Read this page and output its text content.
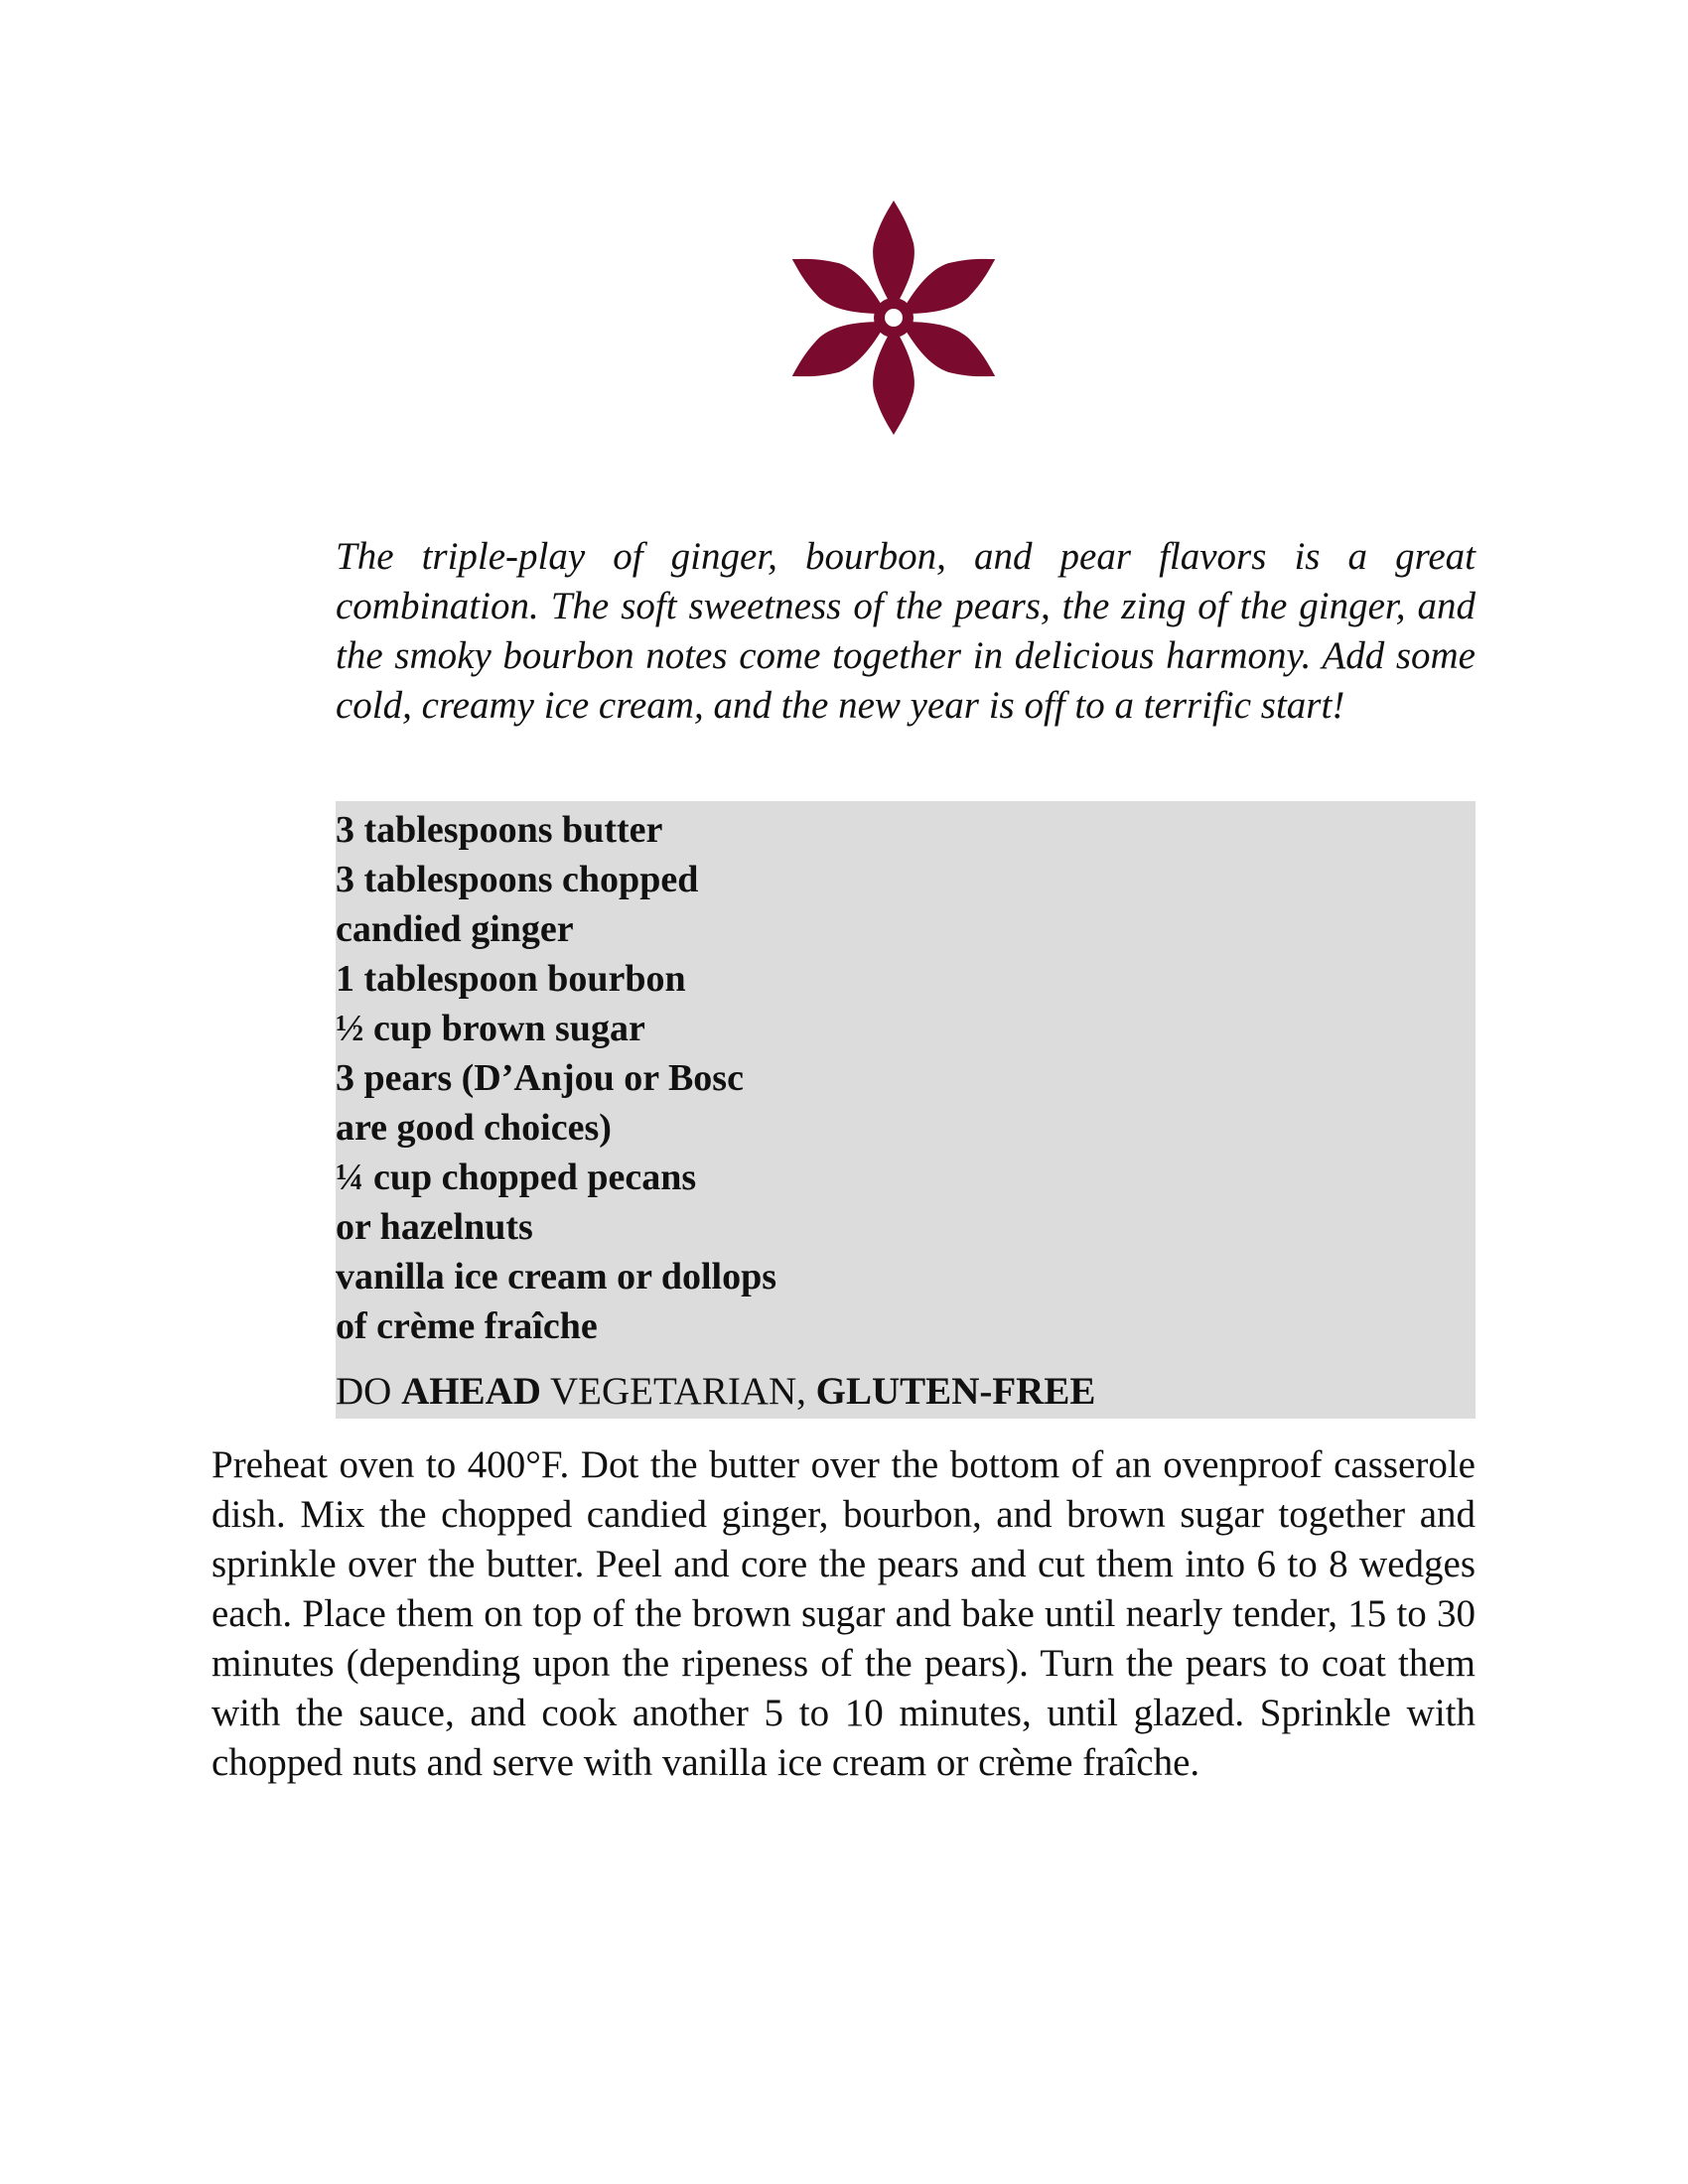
The triple-play of ginger, bourbon, and pear flavors is a great combination. The soft sweetness of the pears, the zing of the ginger, and the smoky bourbon notes come together in delicious harmony. Add some cold, creamy ice cream, and the new year is off to a terrific start!

3 tablespoons butter
3 tablespoons chopped
candied ginger
1 tablespoon bourbon
½ cup brown sugar
3 pears (D’Anjou or Bosc
are good choices)
¼ cup chopped pecans
or hazelnuts
vanilla ice cream or dollops
of crème fraîche
DO AHEAD VEGETARIAN, GLUTEN-FREE

Preheat oven to 400°F. Dot the butter over the bottom of an ovenproof casserole dish. Mix the chopped candied ginger, bourbon, and brown sugar together and sprinkle over the butter. Peel and core the pears and cut them into 6 to 8 wedges each. Place them on top of the brown sugar and bake until nearly tender, 15 to 30 minutes (depending upon the ripeness of the pears). Turn the pears to coat them with the sauce, and cook another 5 to 10 minutes, until glazed. Sprinkle with chopped nuts and serve with vanilla ice cream or crème fraîche.
